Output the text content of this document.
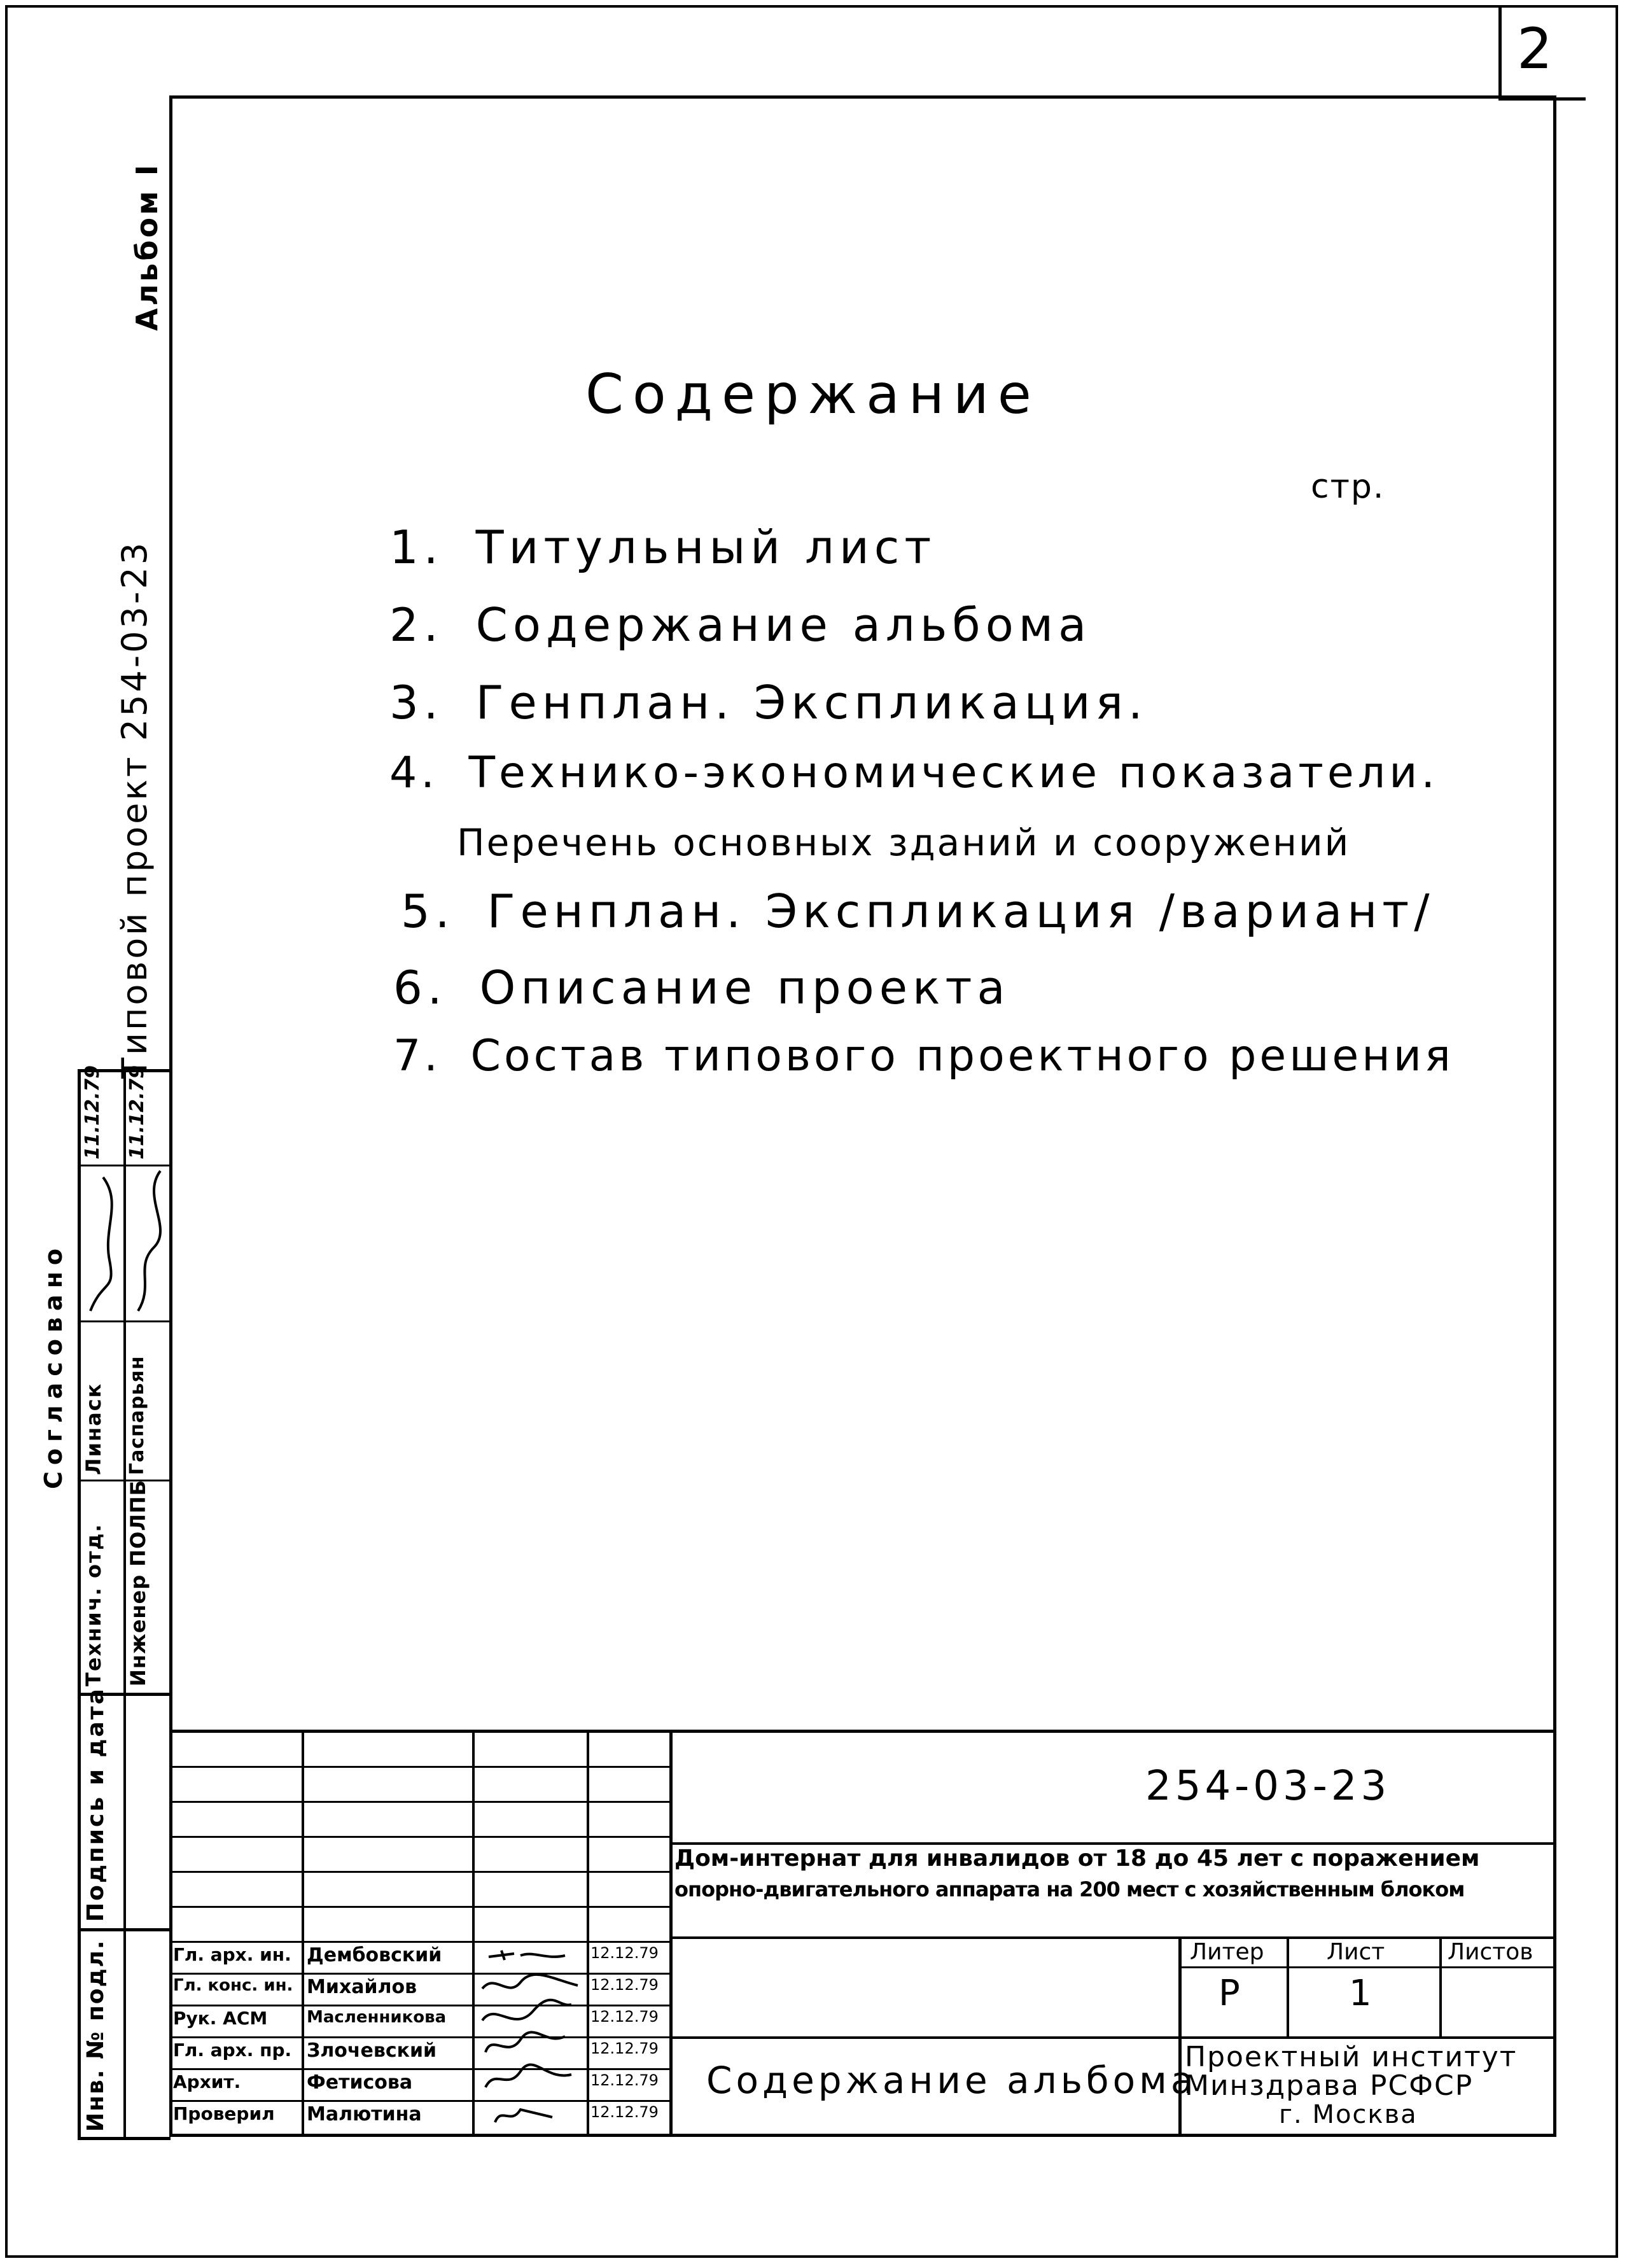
2
Альбом I
Типовой проект 254-03-23
Согласовано
Технич. отд. Инженер ПОЛПБ
Линаск Гаспарьян
11.12.79 11.12.79
Подпись и дата
Инв. № подл.
Содержание
стр.
1. Титульный лист
2. Содержание альбома
3. Генплан. Экспликация.
4. Технико-экономические показатели.
Перечень основных зданий и сооружений
5. Генплан. Экспликация /вариант/
6. Описание проекта
7. Состав типового проектного решения
254-03-23
Дом-интернат для инвалидов от 18 до 45 лет с поражением
опорно-двигательного аппарата на 200 мест с хозяйственным блоком
Литер	Лист	Листов
Р	1
Содержание альбома
Проектный институт
Минздрава РСФСР
г. Москва
Гл. арх. ин. Дембовский	12.12.79
Гл. конс. ин. Михайлов	12.12.79
Рук. АСМ Масленникова	12.12.79
Гл. арх. пр. Злочевский	12.12.79
Архит.	Фетисова	12.12.79
Проверил Малютина	12.12.79
